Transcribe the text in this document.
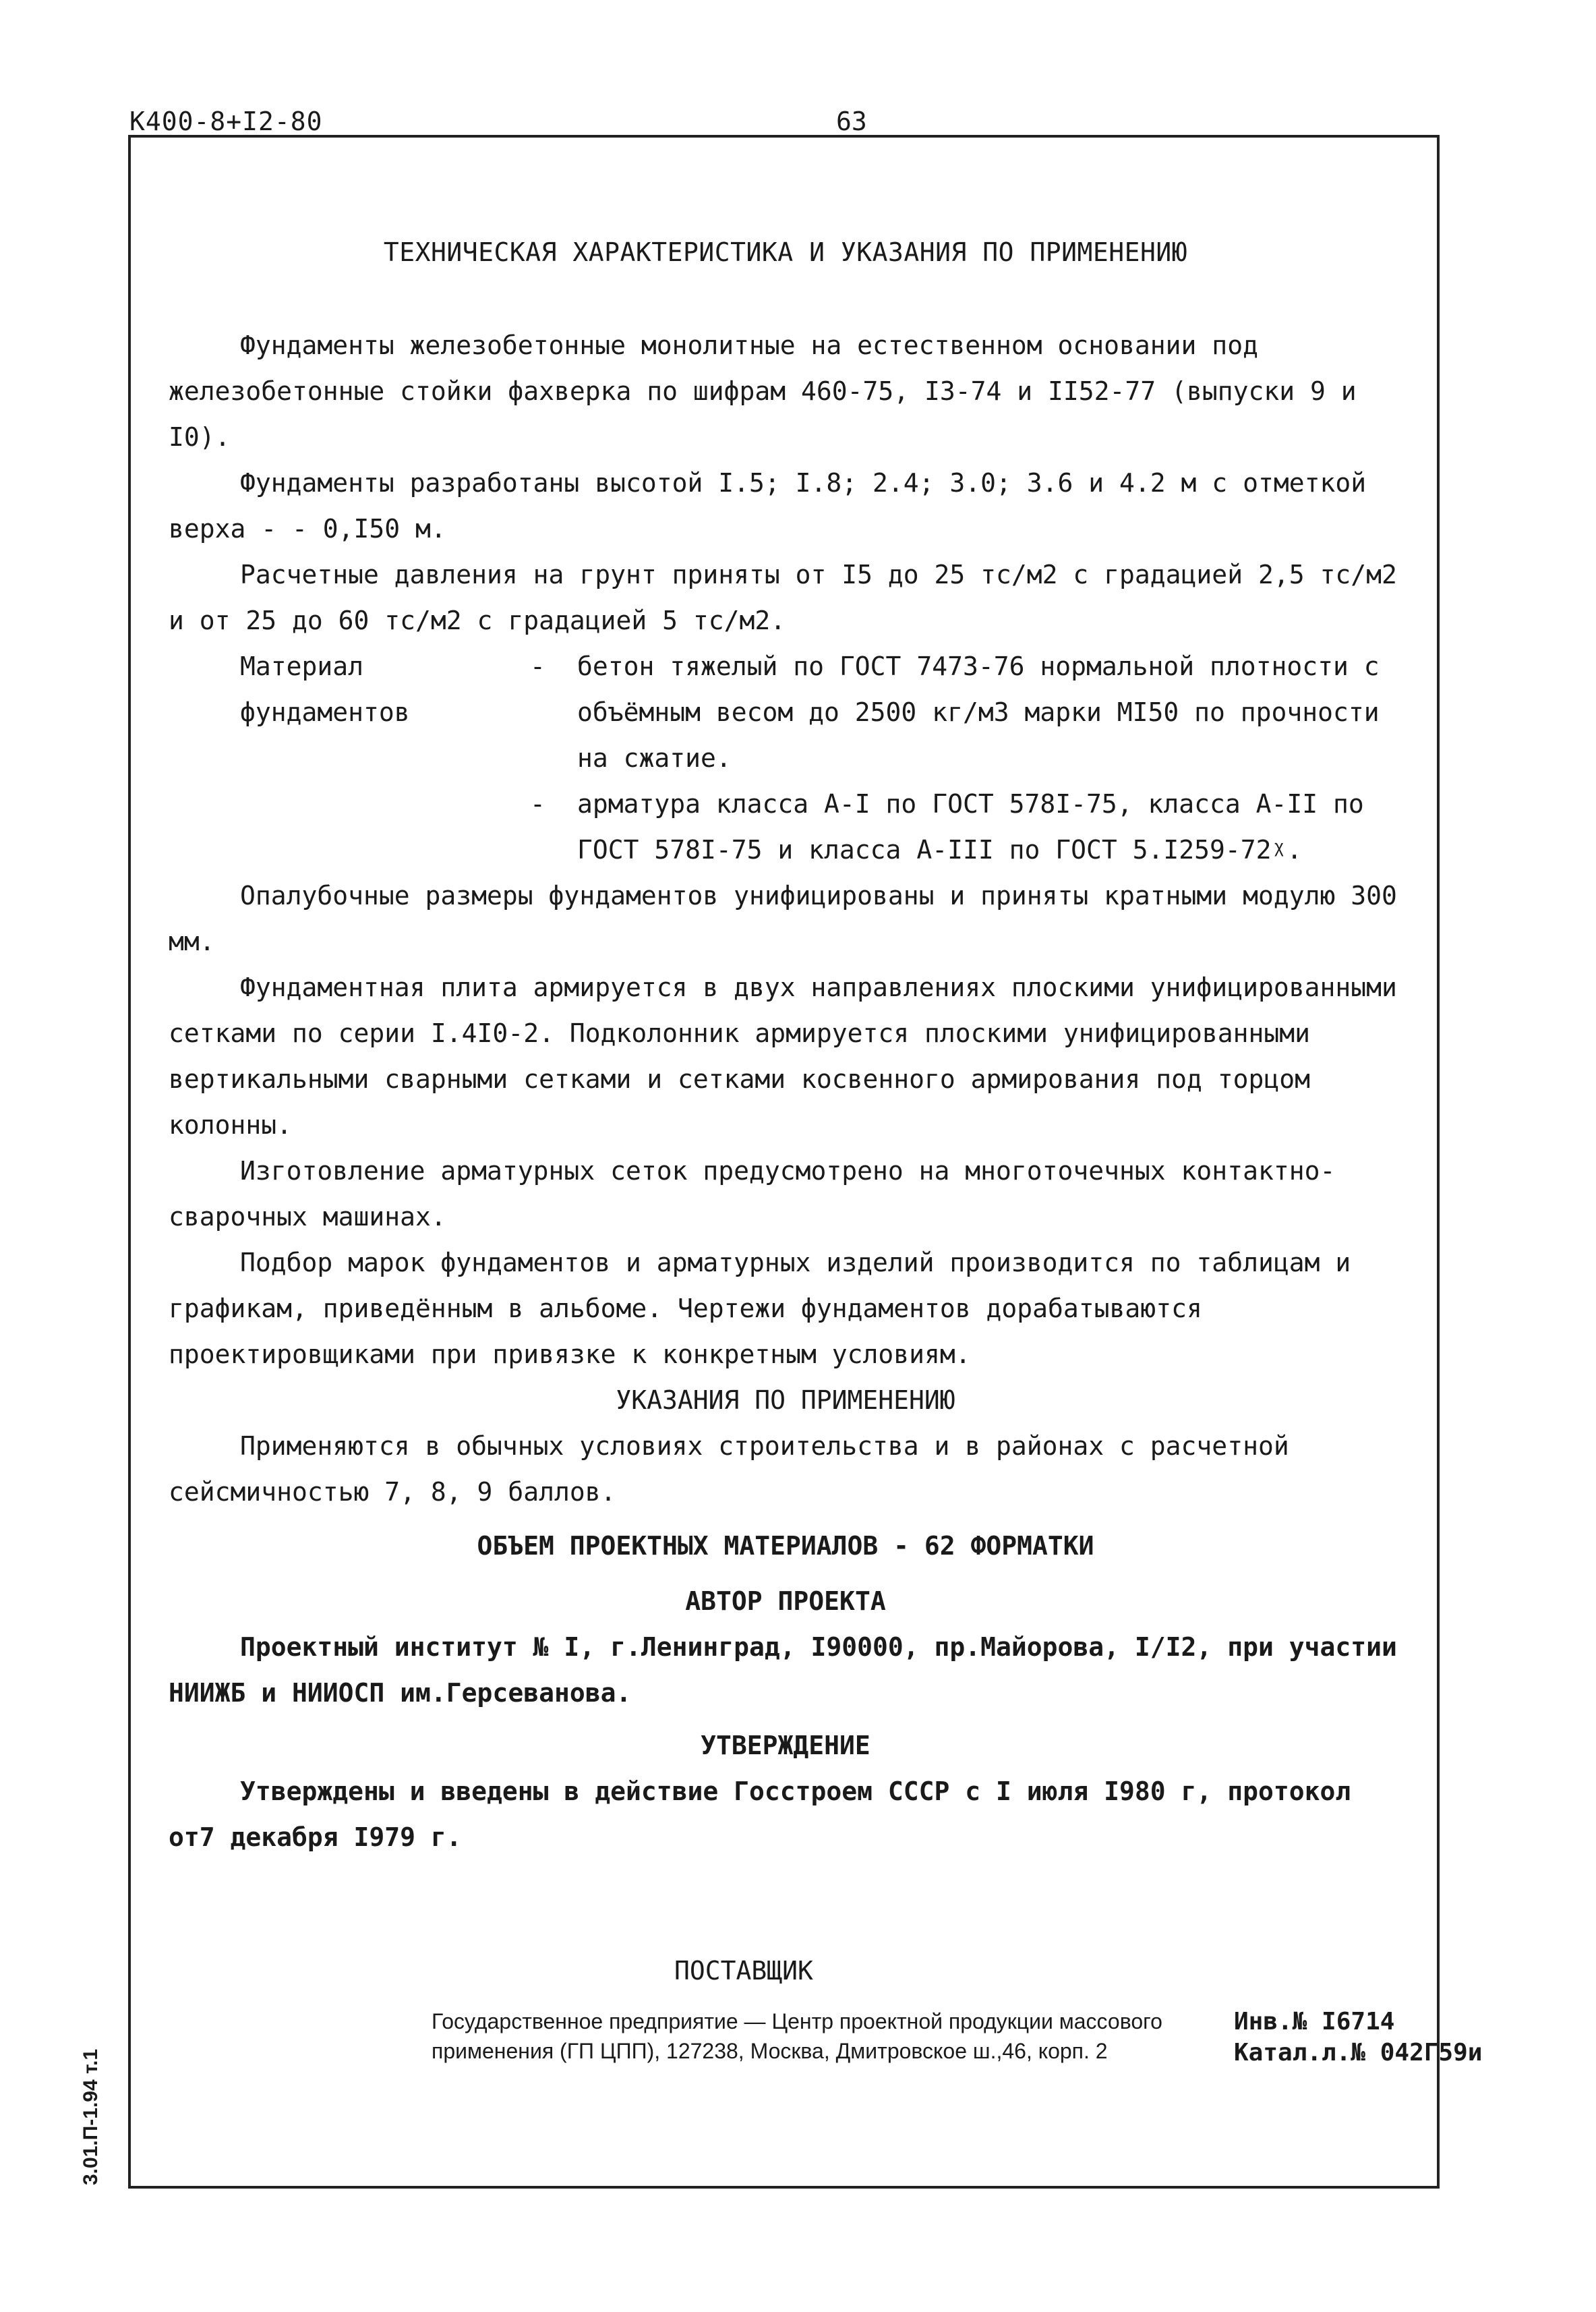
К400-8+І2-80	63
3.01.П-1.94 т.1

ТЕХНИЧЕСКАЯ ХАРАКТЕРИСТИКА И УКАЗАНИЯ ПО ПРИМЕНЕНИЮ

Фундаменты железобетонные монолитные на естественном основании под железобетонные стойки фахверка по шифрам 460-75, І3-74 и ІІ52-77 (выпуски 9 и І0).

Фундаменты разработаны высотой І.5; І.8; 2.4; 3.0; 3.6 и 4.2 м с отметкой верха - - 0,І50 м.

Расчетные давления на грунт приняты от І5 до 25 тс/м2 с градацией 2,5 тс/м2 и от 25 до 60 тс/м2 с градацией 5 тс/м2.

Материал фундаментов
-	бетон тяжелый по ГОСТ 7473-76 нормальной плотности с объёмным весом до 2500 кг/м3 марки МІ50 по прочности на сжатие.
-	арматура класса А-І по ГОСТ 578І-75, класса А-ІІ по ГОСТ 578І-75 и класса А-ІІІ по ГОСТ 5.І259-72ᵡ.

Опалубочные размеры фундаментов унифицированы и приняты кратными модулю 300 мм.

Фундаментная плита армируется в двух направлениях плоскими унифицированными сетками по серии І.4І0-2. Подколонник армируется плоскими унифицированными вертикальными сварными сетками и сетками косвенного армирования под торцом колонны.

Изготовление арматурных сеток предусмотрено на многоточечных контактно-сварочных машинах.

Подбор марок фундаментов и арматурных изделий производится по таблицам и графикам, приведённым в альбоме. Чертежи фундаментов дорабатываются проектировщиками при привязке к конкретным условиям.

УКАЗАНИЯ ПО ПРИМЕНЕНИЮ

Применяются в обычных условиях строительства и в районах с расчетной сейсмичностью 7, 8, 9 баллов.

ОБЪЕМ ПРОЕКТНЫХ МАТЕРИАЛОВ - 62 ФОРМАТКИ

АВТОР ПРОЕКТА

Проектный институт № І, г.Ленинград, І90000, пр.Майорова, І/І2, при участии НИИЖБ и НИИОСП им.Герсеванова.

УТВЕРЖДЕНИЕ

Утверждены и введены в действие Госстроем СССР с І июля І980 г, протокол от7 декабря І979 г.

ПОСТАВЩИК
Государственное предприятие — Центр проектной продукции массового применения (ГП ЦПП), 127238, Москва, Дмитровское ш.,46, корп. 2
Инв.№ І6714
Катал.л.№ 042Г59и
